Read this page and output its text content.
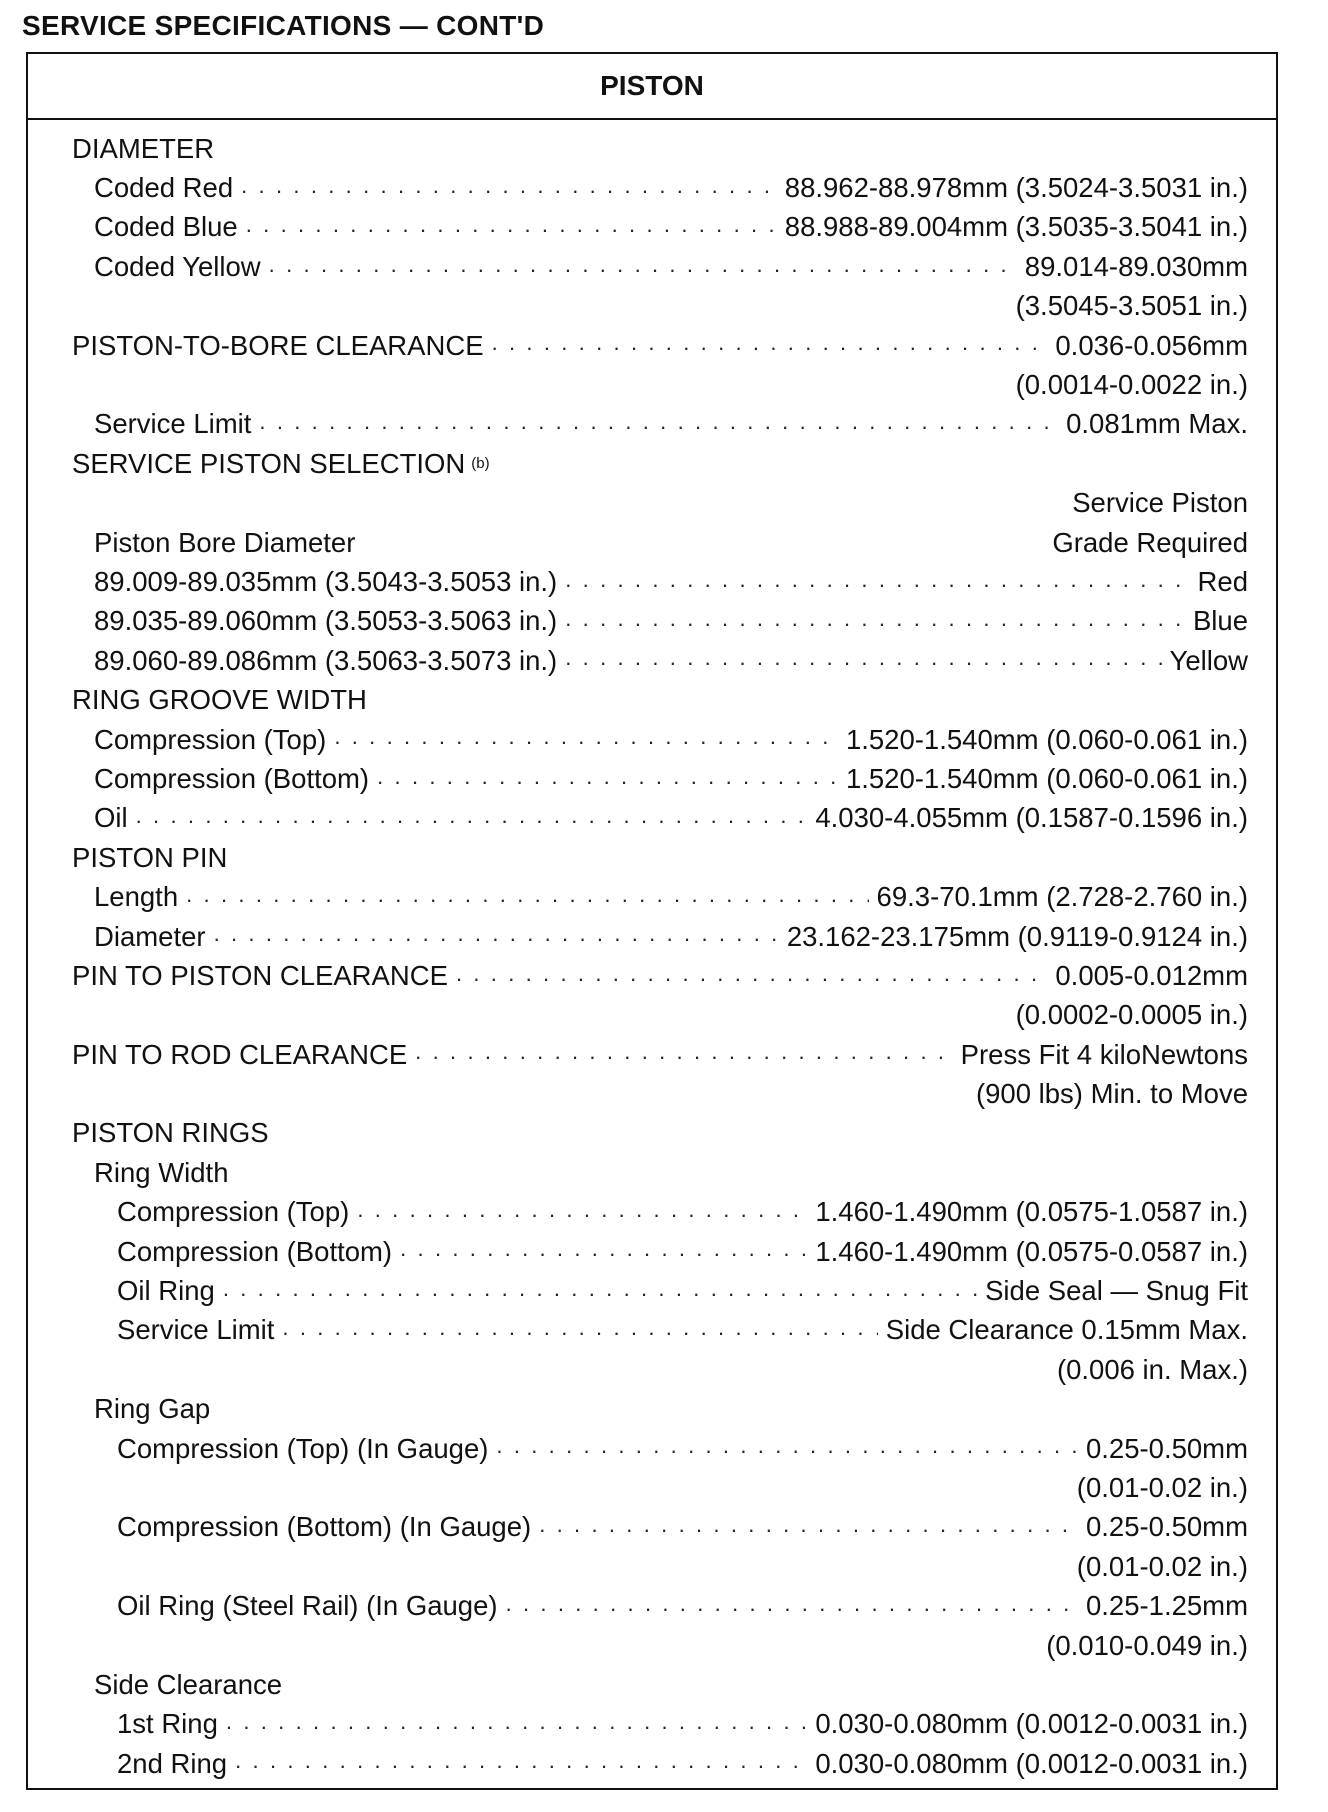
SERVICE SPECIFICATIONS — CONT'D
PISTON
DIAMETER
Coded Red . . .	88.962-88.978mm (3.5024-3.5031 in.)
Coded Blue . . .	88.988-89.004mm (3.5035-3.5041 in.)
Coded Yellow . . .	89.014-89.030mm
(3.5045-3.5051 in.)
PISTON-TO-BORE CLEARANCE . . .	0.036-0.056mm
(0.0014-0.0022 in.)
Service Limit . . .	0.081mm Max.
SERVICE PISTON SELECTION (b)
Service Piston
Piston Bore Diameter	Grade Required
89.009-89.035mm (3.5043-3.5053 in.) . . .	Red
89.035-89.060mm (3.5053-3.5063 in.) . . .	Blue
89.060-89.086mm (3.5063-3.5073 in.) . . .	Yellow
RING GROOVE WIDTH
Compression (Top) . . .	1.520-1.540mm (0.060-0.061 in.)
Compression (Bottom) . . .	1.520-1.540mm (0.060-0.061 in.)
Oil . . .	4.030-4.055mm (0.1587-0.1596 in.)
PISTON PIN
Length . . .	69.3-70.1mm (2.728-2.760 in.)
Diameter . . .	23.162-23.175mm (0.9119-0.9124 in.)
PIN TO PISTON CLEARANCE . . .	0.005-0.012mm
(0.0002-0.0005 in.)
PIN TO ROD CLEARANCE . . .	Press Fit 4 kiloNewtons
(900 lbs) Min. to Move
PISTON RINGS
Ring Width
Compression (Top) . . .	1.460-1.490mm (0.0575-1.0587 in.)
Compression (Bottom) . . .	1.460-1.490mm (0.0575-0.0587 in.)
Oil Ring . . .	Side Seal — Snug Fit
Service Limit . . .	Side Clearance 0.15mm Max.
(0.006 in. Max.)
Ring Gap
Compression (Top) (In Gauge) . . .	0.25-0.50mm
(0.01-0.02 in.)
Compression (Bottom) (In Gauge) . . .	0.25-0.50mm
(0.01-0.02 in.)
Oil Ring (Steel Rail) (In Gauge) . . .	0.25-1.25mm
(0.010-0.049 in.)
Side Clearance
1st Ring . . .	0.030-0.080mm (0.0012-0.0031 in.)
2nd Ring . . .	0.030-0.080mm (0.0012-0.0031 in.)
